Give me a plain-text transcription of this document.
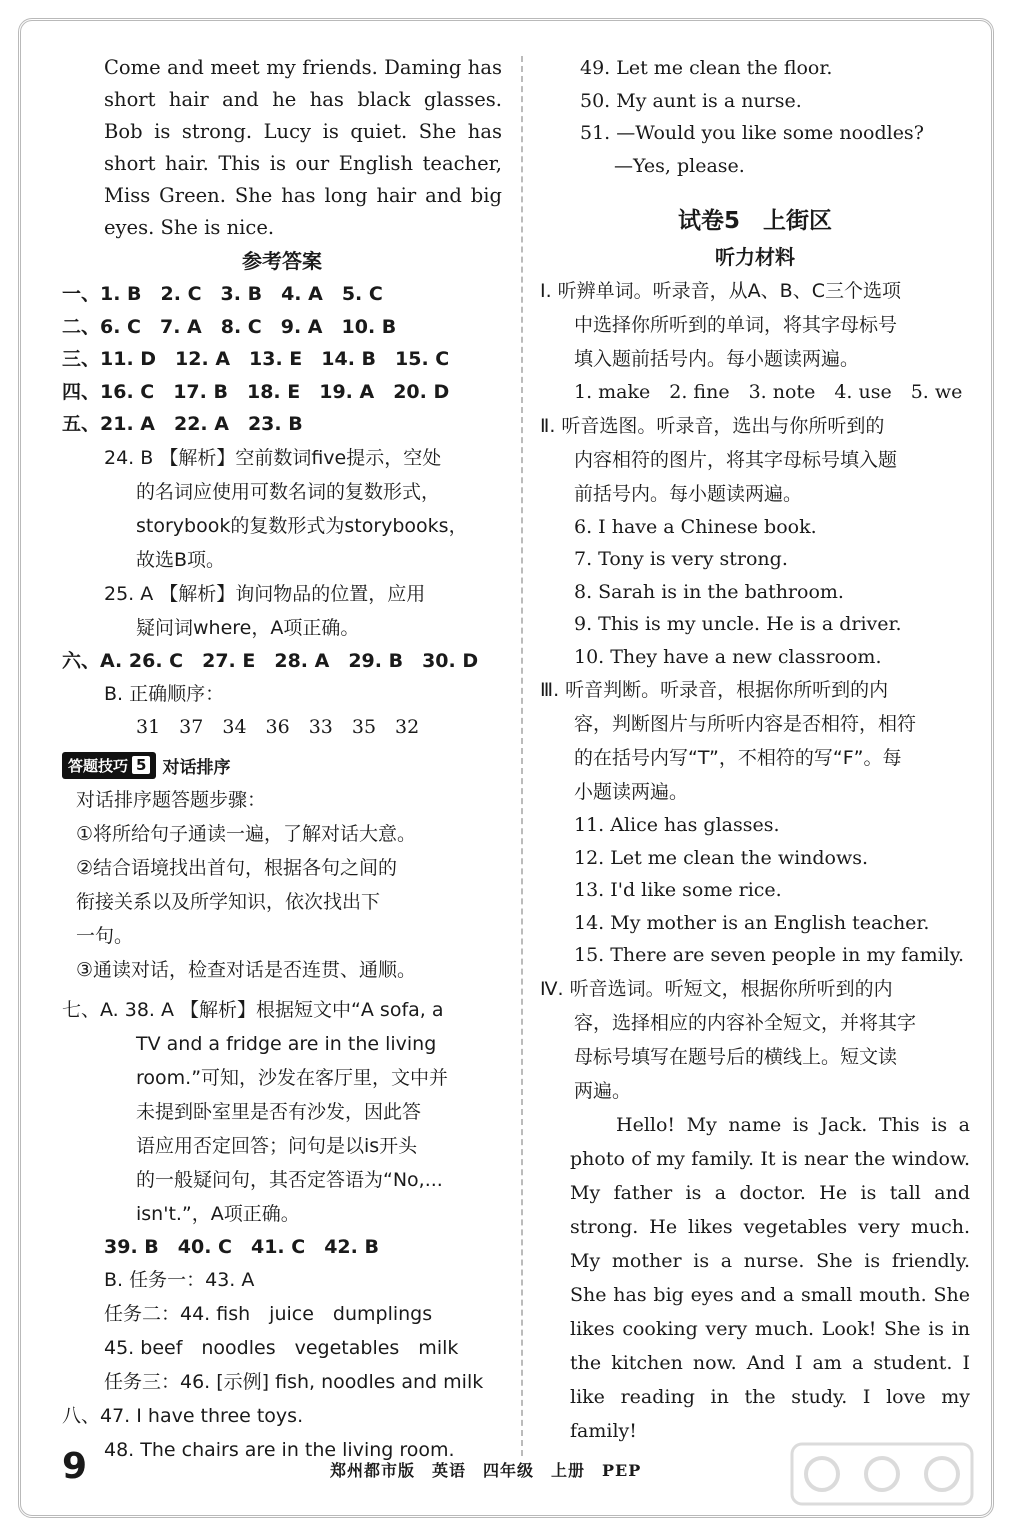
Come and meet my friends. Daming has short hair and he has black glasses. Bob is strong. Lucy is quiet. She has short hair. This is our English teacher, Miss Green. She has long hair and big eyes. She is nice.
参考答案
一、1. B　2. C　3. B　4. A　5. C
二、6. C　7. A　8. C　9. A　10. B
三、11. D　12. A　13. E　14. B　15. C
四、16. C　17. B　18. E　19. A　20. D
五、21. A　22. A　23. B
24. B 【解析】空前数词five提示，空处
的名词应使用可数名词的复数形式，
storybook的复数形式为storybooks，
故选B项。
25. A 【解析】询问物品的位置，应用
疑问词where，A项正确。
六、A. 26. C　27. E　28. A　29. B　30. D
B. 正确顺序：
31　37　34　36　33　35　32
答题技巧 5 对话排序
对话排序题答题步骤：
①将所给句子通读一遍，了解对话大意。
②结合语境找出首句，根据各句之间的
衔接关系以及所学知识，依次找出下
一句。
③通读对话，检查对话是否连贯、通顺。
七、A. 38. A 【解析】根据短文中“A sofa, a
TV and a fridge are in the living
room.”可知，沙发在客厅里，文中并
未提到卧室里是否有沙发，因此答
语应用否定回答；问句是以is开头
的一般疑问句，其否定答语为“No,...
isn't.”，A项正确。
39. B　40. C　41. C　42. B
B. 任务一：43. A
任务二：44. fish　juice　dumplings
45. beef　noodles　vegetables　milk
任务三：46. [示例] fish, noodles and milk
八、47. I have three toys.
48. The chairs are in the living room.
49. Let me clean the floor.
50. My aunt is a nurse.
51. —Would you like some noodles?
—Yes, please.
试卷5　上街区
听力材料
Ⅰ. 听辨单词。听录音，从A、B、C三个选项
中选择你所听到的单词，将其字母标号
填入题前括号内。每小题读两遍。
1. make　2. fine　3. note　4. use　5. we
Ⅱ. 听音选图。听录音，选出与你所听到的
内容相符的图片，将其字母标号填入题
前括号内。每小题读两遍。
6. I have a Chinese book.
7. Tony is very strong.
8. Sarah is in the bathroom.
9. This is my uncle. He is a driver.
10. They have a new classroom.
Ⅲ. 听音判断。听录音，根据你所听到的内
容，判断图片与所听内容是否相符，相符
的在括号内写“T”，不相符的写“F”。每
小题读两遍。
11. Alice has glasses.
12. Let me clean the windows.
13. I'd like some rice.
14. My mother is an English teacher.
15. There are seven people in my family.
Ⅳ. 听音选词。听短文，根据你所听到的内
容，选择相应的内容补全短文，并将其字
母标号填写在题号后的横线上。短文读
两遍。
Hello! My name is Jack. This is a photo of my family. It is near the window. My father is a doctor. He is tall and strong. He likes vegetables very much. My mother is a nurse. She is friendly. She has big eyes and a small mouth. She likes cooking very much. Look! She is in the kitchen now. And I am a student. I like reading in the study. I love my family!
9	郑州都市版　英语　四年级　上册　PEP
